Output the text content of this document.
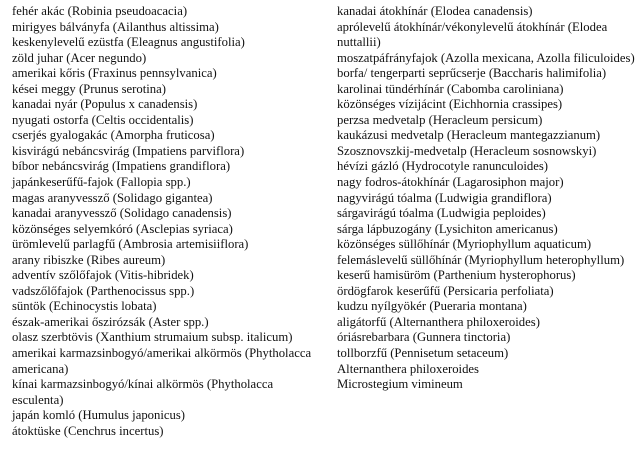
fehér akác (Robinia pseudoacacia)
mirigyes bálványfa (Ailanthus altissima)
keskenylevelű ezüstfa (Eleagnus angustifolia)
zöld juhar (Acer negundo)
amerikai kőris (Fraxinus pennsylvanica)
kései meggy (Prunus serotina)
kanadai nyár (Populus x canadensis)
nyugati ostorfa (Celtis occidentalis)
cserjés gyalogakác (Amorpha fruticosa)
kisvirágú nebáncsvirág (Impatiens parviflora)
bíbor nebáncsvirág (Impatiens grandiflora)
japánkeserűfű-fajok (Fallopia spp.)
magas aranyvessző (Solidago gigantea)
kanadai aranyvessző (Solidago canadensis)
közönséges selyemkóró (Asclepias syriaca)
ürömlevelű parlagfű (Ambrosia artemisiiflora)
arany ribiszke (Ribes aureum)
adventív szőlőfajok (Vitis-hibridek)
vadszőlőfajok (Parthenocissus spp.)
süntök (Echinocystis lobata)
észak-amerikai őszirózsák (Aster spp.)
olasz szerbtövis (Xanthium strumaium subsp. italicum)
amerikai karmazsinbogyó/amerikai alkörmös (Phytholacca americana)
kínai karmazsinbogyó/kínai alkörmös (Phytholacca esculenta)
japán komló (Humulus japonicus)
átoktüske (Cenchrus incertus)
kanadai átokhínár (Elodea canadensis)
aprólevelű átokhínár/vékonylevelű átokhínár (Elodea nuttallii)
moszatpáfrányfajok (Azolla mexicana, Azolla filiculoides)
borfa/ tengerparti seprűcserje (Baccharis halimifolia)
karolinai tündérhínár (Cabomba caroliniana)
közönséges vízijácint (Eichhornia crassipes)
perzsa medvetalp (Heracleum persicum)
kaukázusi medvetalp (Heracleum mantegazzianum)
Szosznovszkij-medvetalp (Heracleum sosnowskyi)
hévízi gázló (Hydrocotyle ranunculoides)
nagy fodros-átokhínár (Lagarosiphon major)
nagyvirágú tóalma (Ludwigia grandiflora)
sárgavirágú tóalma (Ludwigia peploides)
sárga lápbuzogány (Lysichiton americanus)
közönséges süllőhínár (Myriophyllum aquaticum)
felemáslevelű süllőhínár (Myriophyllum heterophyllum)
keserű hamisüröm (Parthenium hysterophorus)
ördögfarok keserűfű (Persicaria perfoliata)
kudzu nyílgyökér (Pueraria montana)
aligátorfű (Alternanthera philoxeroides)
óriásrebarbara (Gunnera tinctoria)
tollborzfű (Pennisetum setaceum)
Alternanthera philoxeroides
Microstegium vimineum
